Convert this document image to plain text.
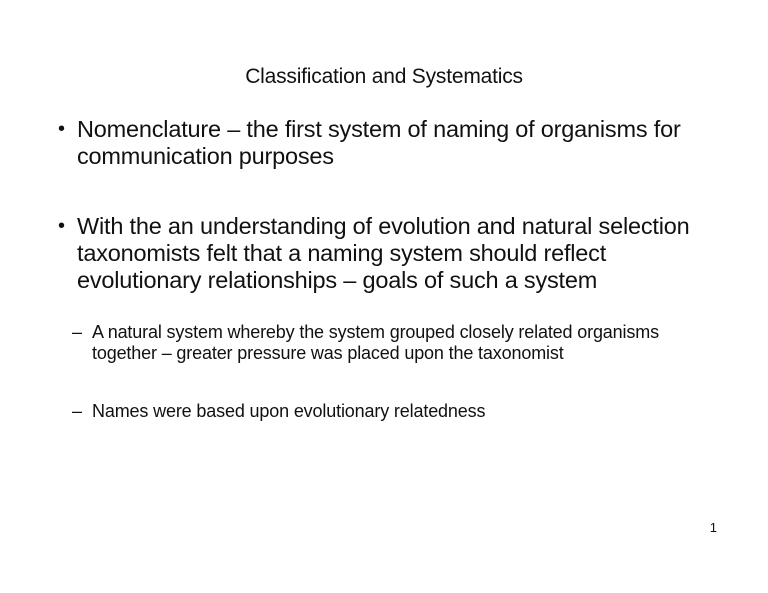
Classification and Systematics
• Nomenclature – the first system of naming of organisms for communication purposes
• With the an understanding of evolution and natural selection taxonomists felt that a naming system should reflect evolutionary relationships – goals of such a system
– A natural system whereby the system grouped closely related organisms together – greater pressure was placed upon the taxonomist
– Names were based upon evolutionary relatedness
1
